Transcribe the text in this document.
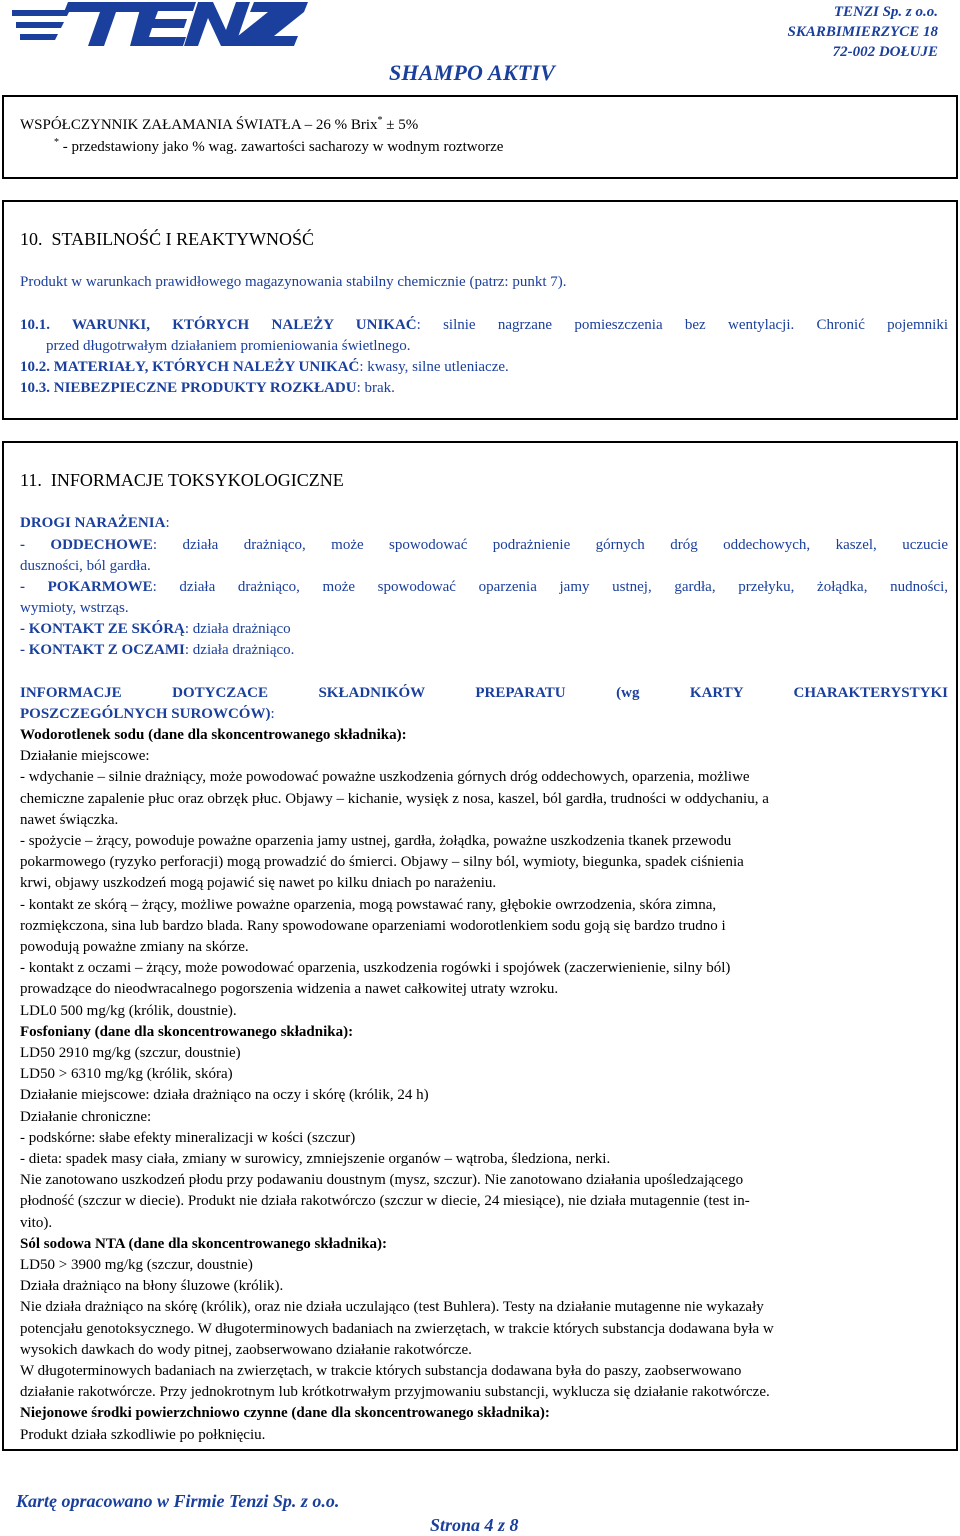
TENZI Sp. z o.o.
SKARBIMIERZYCE 18
72-002 DOŁUJE
SHAMPO AKTIV
WSPÓŁCZYNNIK ZAŁAMANIA ŚWIATŁA – 26 % Brix* ± 5%
* - przedstawiony jako % wag. zawartości sacharozy w wodnym roztworze
10. STABILNOŚĆ I REAKTYWNOŚĆ
Produkt w warunkach prawidłowego magazynowania stabilny chemicznie (patrz: punkt 7).
10.1. WARUNKI, KTÓRYCH NALEŻY UNIKAĆ: silnie nagrzane pomieszczenia bez wentylacji. Chronić pojemniki
przed długotrwałym działaniem promieniowania świetlnego.
10.2. MATERIAŁY, KTÓRYCH NALEŻY UNIKAĆ: kwasy, silne utleniacze.
10.3. NIEBEZPIECZNE PRODUKTY ROZKŁADU: brak.
11. INFORMACJE TOKSYKOLOGICZNE
DROGI NARAŻENIA:
- ODDECHOWE: działa drażniąco, może spowodować podrażnienie górnych dróg oddechowych, kaszel, uczucie
duszności, ból gardła.
- POKARMOWE: działa drażniąco, może spowodować oparzenia jamy ustnej, gardła, przełyku, żołądka, nudności,
wymioty, wstrząs.
- KONTAKT ZE SKÓRĄ: działa drażniąco
- KONTAKT Z OCZAMI: działa drażniąco.
INFORMACJE DOTYCZACE SKŁADNIKÓW PREPARATU (wg KARTY CHARAKTERYSTYKI
POSZCZEGÓLNYCH SUROWCÓW):
Wodorotlenek sodu (dane dla skoncentrowanego składnika):
Działanie miejscowe:
- wdychanie – silnie drażniący, może powodować poważne uszkodzenia górnych dróg oddechowych, oparzenia, możliwe
chemiczne zapalenie płuc oraz obrzęk płuc. Objawy – kichanie, wysięk z nosa, kaszel, ból gardła, trudności w oddychaniu, a
nawet świączka.
- spożycie – żrący, powoduje poważne oparzenia jamy ustnej, gardła, żołądka, poważne uszkodzenia tkanek przewodu
pokarmowego (ryzyko perforacji) mogą prowadzić do śmierci. Objawy – silny ból, wymioty, biegunka, spadek ciśnienia
krwi, objawy uszkodzeń mogą pojawić się nawet po kilku dniach po narażeniu.
- kontakt ze skórą – żrący, możliwe poważne oparzenia, mogą powstawać rany, głębokie owrzodzenia, skóra zimna,
rozmiękczona, sina lub bardzo blada. Rany spowodowane oparzeniami wodorotlenkiem sodu goją się bardzo trudno i
powodują poważne zmiany na skórze.
- kontakt z oczami – żrący, może powodować oparzenia, uszkodzenia rogówki i spojówek (zaczerwienienie, silny ból)
prowadzące do nieodwracalnego pogorszenia widzenia a nawet całkowitej utraty wzroku.
LDL0 500 mg/kg (królik, doustnie).
Fosfoniany (dane dla skoncentrowanego składnika):
LD50 2910 mg/kg (szczur, doustnie)
LD50 > 6310 mg/kg (królik, skóra)
Działanie miejscowe: działa drażniąco na oczy i skórę (królik, 24 h)
Działanie chroniczne:
- podskórne: słabe efekty mineralizacji w kości (szczur)
- dieta: spadek masy ciała, zmiany w surowicy, zmniejszenie organów – wątroba, śledziona, nerki.
Nie zanotowano uszkodzeń płodu przy podawaniu doustnym (mysz, szczur). Nie zanotowano działania upośledzającego
płodność (szczur w diecie). Produkt nie działa rakotwórczo (szczur w diecie, 24 miesiące), nie działa mutagennie (test in-
vito).
Sól sodowa NTA (dane dla skoncentrowanego składnika):
LD50 > 3900 mg/kg (szczur, doustnie)
Działa drażniąco na błony śluzowe (królik).
Nie działa drażniąco na skórę (królik), oraz nie działa uczulająco (test Buhlera). Testy na działanie mutagenne nie wykazały
potencjału genotoksycznego. W długoterminowych badaniach na zwierzętach, w trakcie których substancja dodawana była w
wysokich dawkach do wody pitnej, zaobserwowano działanie rakotwórcze.
W długoterminowych badaniach na zwierzętach, w trakcie których substancja dodawana była do paszy, zaobserwowano
działanie rakotwórcze. Przy jednokrotnym lub krótkotrwałym przyjmowaniu substancji, wyklucza się działanie rakotwórcze.
Niejonowe środki powierzchniowo czynne (dane dla skoncentrowanego składnika):
Produkt działa szkodliwie po połknięciu.
Kartę opracowano w Firmie Tenzi Sp. z o.o.
Strona 4 z 8
